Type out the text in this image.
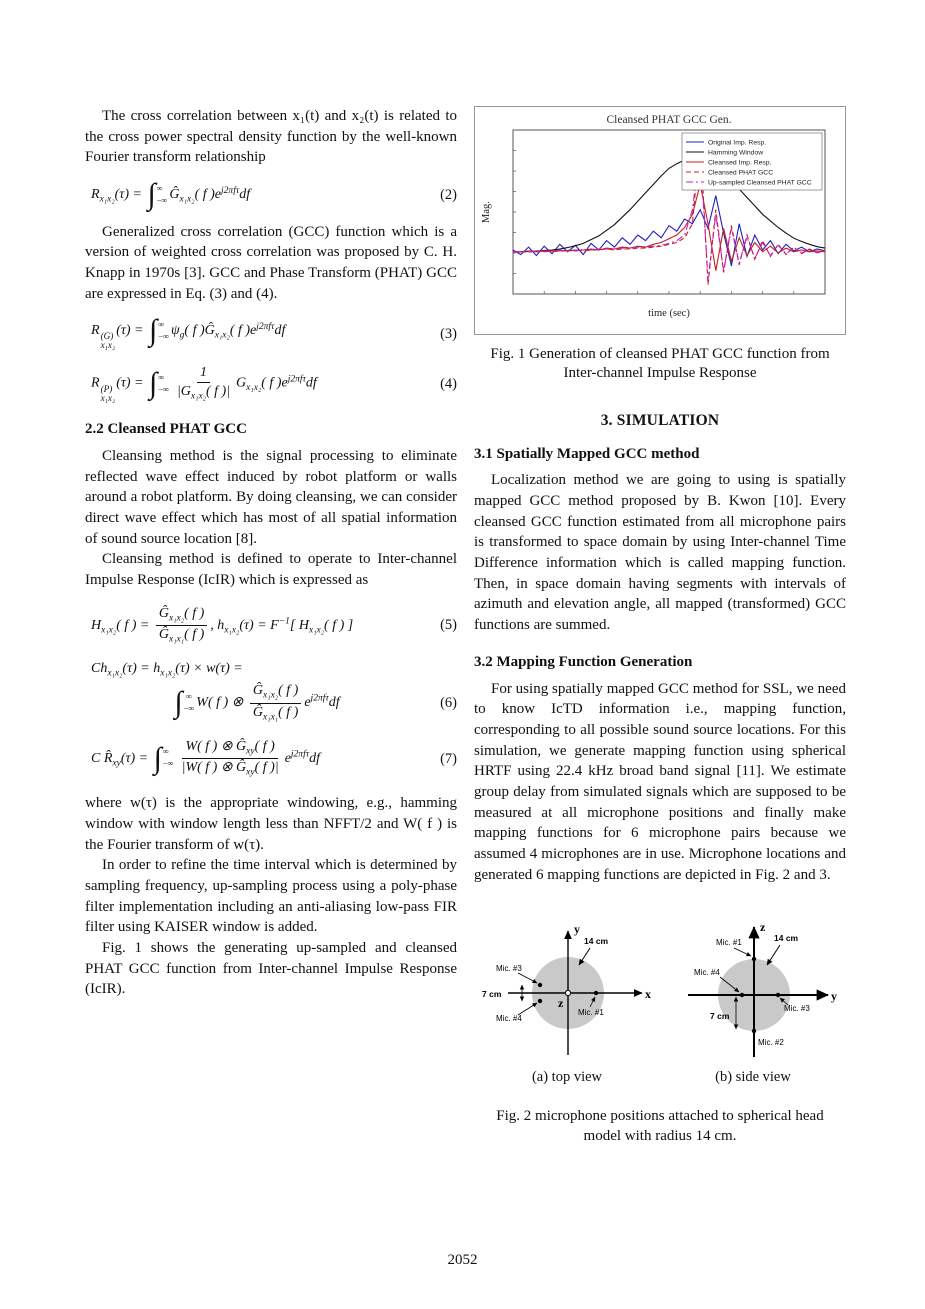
The cross correlation between x₁(t) and x₂(t) is related to the cross power spectral density function by the well-known Fourier transform relationship

$R_{x_1x_2}(\tau)$ = ∫ ∞
−∞ $Ĝ_{x_1x_2}$( f )$e^{j2\pi f\tau}df$	(2)

Generalized cross correlation (GCC) function which is a version of weighted cross correlation was proposed by C. H. Knapp in 1970s [3]. GCC and Phase Transform (PHAT) GCC are expressed in Eq. (3) and (4).

R (G)
x₁x₂
(τ) = ∫ ∞
−∞ $\psi_g$( f )$Ĝ_{x_1x_2}$( f )$e^{j2\pi f\tau}df$	(3)
R (P)
x₁x₂
(τ) = ∫ ∞
−∞ $\frac{1}{|G_{x_1x_2}( f )|} G_{x_1x_2}$( f )$e^{j2\pi f\tau}df$	(4)
2.2 Cleansed PHAT GCC

Cleansing method is the signal processing to eliminate reflected wave effect induced by robot platform or walls around a robot platform. By doing cleansing, we can consider direct wave effect which has most of all spatial information of sound source location [8].

Cleansing method is defined to operate to Inter-channel Impulse Response (IcIR) which is expressed as

$H_{x_1x_2}$( f ) = $\frac{Ĝ_{x_1x_2}( f )}{Ĝ_{x_1x_1}( f )}$ , $h_{x_1x_2}(\tau) = F^{-1}$[ $H_{x_1x_2}$( f ) ]	(5)
$Ch_{x_1x_2}(\tau) = h_{x_1x_2}(\tau) \times w(\tau)$ =
∫ ∞
−∞ W( f ) ⊗ $\frac{Ĝ_{x_1x_2}( f )}{Ĝ_{x_1x_1}( f )} e^{j2\pi f\tau}df$	(6)
C $R̂_{xy}(\tau)$ = ∫ ∞
−∞
W( f ) ⊗ $Ĝ_{xy}$( f )
|W( f ) ⊗ $Ĝ_{xy}$( f )|
$e^{j2\pi f\tau}df$	(7)

where w(τ) is the appropriate windowing, e.g., hamming window with window length less than NFFT/2 and W( f ) is the Fourier transform of w(τ).

In order to refine the time interval which is determined by sampling frequency, up-sampling process using a poly-phase filter implementation including an anti-aliasing low-pass FIR filter using KAISER window is added.

Fig. 1 shows the generating up-sampled and cleansed PHAT GCC function from Inter-channel Impulse Response (IcIR).

Cleansed PHAT GCC Gen.
Original Imp. Resp.
Hamming Window
Cleansed Imp. Resp.
Cleansed PHAT GCC
Up-sampled Cleansed PHAT GCC
time (sec)
Mag.
Fig. 1 Generation of cleansed PHAT GCC function from Inter-channel Impulse Response
3. SIMULATION
3.1 Spatially Mapped GCC method

Localization method we are going to using is spatially mapped GCC method proposed by B. Kwon [10]. Every cleansed GCC function estimated from all microphone pairs is transformed to space domain by using Inter-channel Time Difference information which is called mapping function. Then, in space domain having segments with intervals of azimuth and elevation angle, all mapped (transformed) GCC functions are summed.

3.2 Mapping Function Generation

For using spatially mapped GCC method for SSL, we need to know IcTD information i.e., mapping function, corresponding to all possible sound source locations. For this simulation, we generate mapping function using spherical HRTF using 22.4 kHz broad band signal [11]. We estimate group delay from simulated signals which are supposed to be measured at all microphone positions and finally make mapping functions for 6 microphone pairs because we assumed 4 microphones are in use. Microphone locations and generated 6 mapping functions are depicted in Fig. 2 and 3.

y
x
z
14 cm
Mic. #3
Mic. #4
Mic. #1
7 cm
(a) top view
z
y
14 cm
Mic. #1
Mic. #4
Mic. #3
Mic. #2
7 cm
(b) side view
Fig. 2 microphone positions attached to spherical head model with radius 14 cm.
2052
